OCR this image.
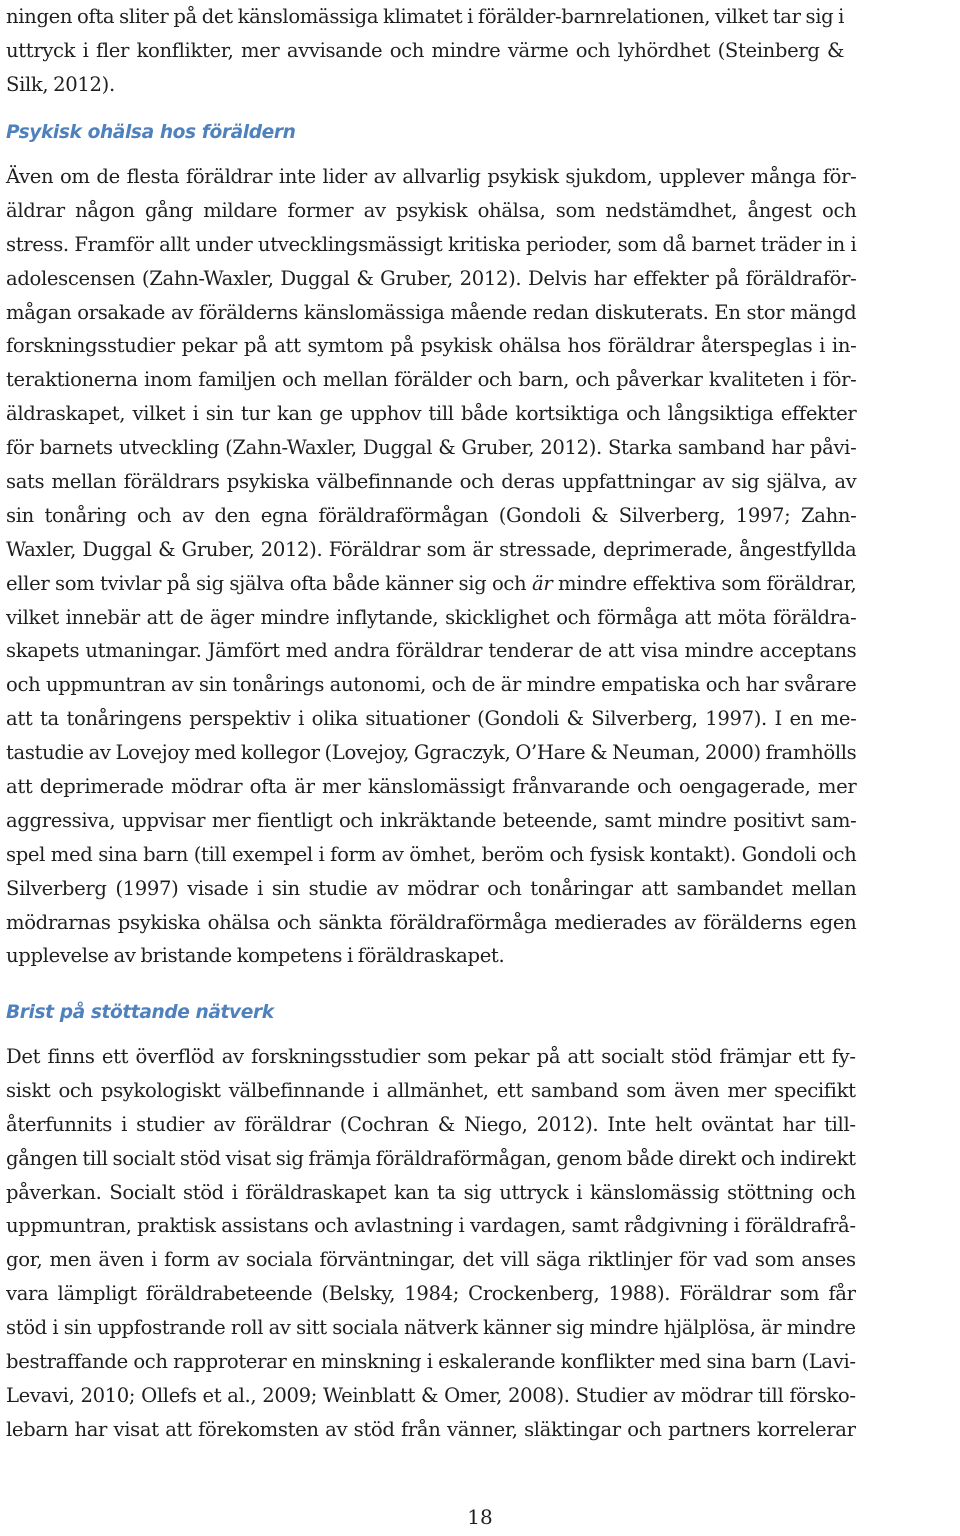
ningen ofta sliter på det känslomässiga klimatet i förälder-barnrelationen, vilket tar sig i
uttryck i fler konflikter, mer avvisande och mindre värme och lyhördhet (Steinberg &
Silk, 2012).
Psykisk ohälsa hos föräldern
Även om de flesta föräldrar inte lider av allvarlig psykisk sjukdom, upplever många för-
äldrar någon gång mildare former av psykisk ohälsa, som nedstämdhet, ångest och
stress. Framför allt under utvecklingsmässigt kritiska perioder, som då barnet träder in i
adolescensen (Zahn-Waxler, Duggal & Gruber, 2012). Delvis har effekter på föräldraför-
mågan orsakade av förälderns känslomässiga mående redan diskuterats. En stor mängd
forskningsstudier pekar på att symtom på psykisk ohälsa hos föräldrar återspeglas i in-
teraktionerna inom familjen och mellan förälder och barn, och påverkar kvaliteten i för-
äldraskapet, vilket i sin tur kan ge upphov till både kortsiktiga och långsiktiga effekter
för barnets utveckling (Zahn-Waxler, Duggal & Gruber, 2012). Starka samband har påvi-
sats mellan föräldrars psykiska välbefinnande och deras uppfattningar av sig själva, av
sin tonåring och av den egna föräldraförmågan (Gondoli & Silverberg, 1997; Zahn-
Waxler, Duggal & Gruber, 2012). Föräldrar som är stressade, deprimerade, ångestfyllda
eller som tvivlar på sig själva ofta både känner sig och är mindre effektiva som föräldrar,
vilket innebär att de äger mindre inflytande, skicklighet och förmåga att möta föräldra-
skapets utmaningar. Jämfört med andra föräldrar tenderar de att visa mindre acceptans
och uppmuntran av sin tonårings autonomi, och de är mindre empatiska och har svårare
att ta tonåringens perspektiv i olika situationer (Gondoli & Silverberg, 1997). I en me-
tastudie av Lovejoy med kollegor (Lovejoy, Ggraczyk, O’Hare & Neuman, 2000) framhölls
att deprimerade mödrar ofta är mer känslomässigt frånvarande och oengagerade, mer
aggressiva, uppvisar mer fientligt och inkräktande beteende, samt mindre positivt sam-
spel med sina barn (till exempel i form av ömhet, beröm och fysisk kontakt). Gondoli och
Silverberg (1997) visade i sin studie av mödrar och tonåringar att sambandet mellan
mödrarnas psykiska ohälsa och sänkta föräldraförmåga medierades av förälderns egen
upplevelse av bristande kompetens i föräldraskapet.
Brist på stöttande nätverk
Det finns ett överflöd av forskningsstudier som pekar på att socialt stöd främjar ett fy-
siskt och psykologiskt välbefinnande i allmänhet, ett samband som även mer specifikt
återfunnits i studier av föräldrar (Cochran & Niego, 2012). Inte helt oväntat har till-
gången till socialt stöd visat sig främja föräldraförmågan, genom både direkt och indirekt
påverkan. Socialt stöd i föräldraskapet kan ta sig uttryck i känslomässig stöttning och
uppmuntran, praktisk assistans och avlastning i vardagen, samt rådgivning i föräldrafrå-
gor, men även i form av sociala förväntningar, det vill säga riktlinjer för vad som anses
vara lämpligt föräldrabeteende (Belsky, 1984; Crockenberg, 1988). Föräldrar som får
stöd i sin uppfostrande roll av sitt sociala nätverk känner sig mindre hjälplösa, är mindre
bestraffande och rapproterar en minskning i eskalerande konflikter med sina barn (Lavi-
Levavi, 2010; Ollefs et al., 2009; Weinblatt & Omer, 2008). Studier av mödrar till försko-
lebarn har visat att förekomsten av stöd från vänner, släktingar och partners korrelerar
18
